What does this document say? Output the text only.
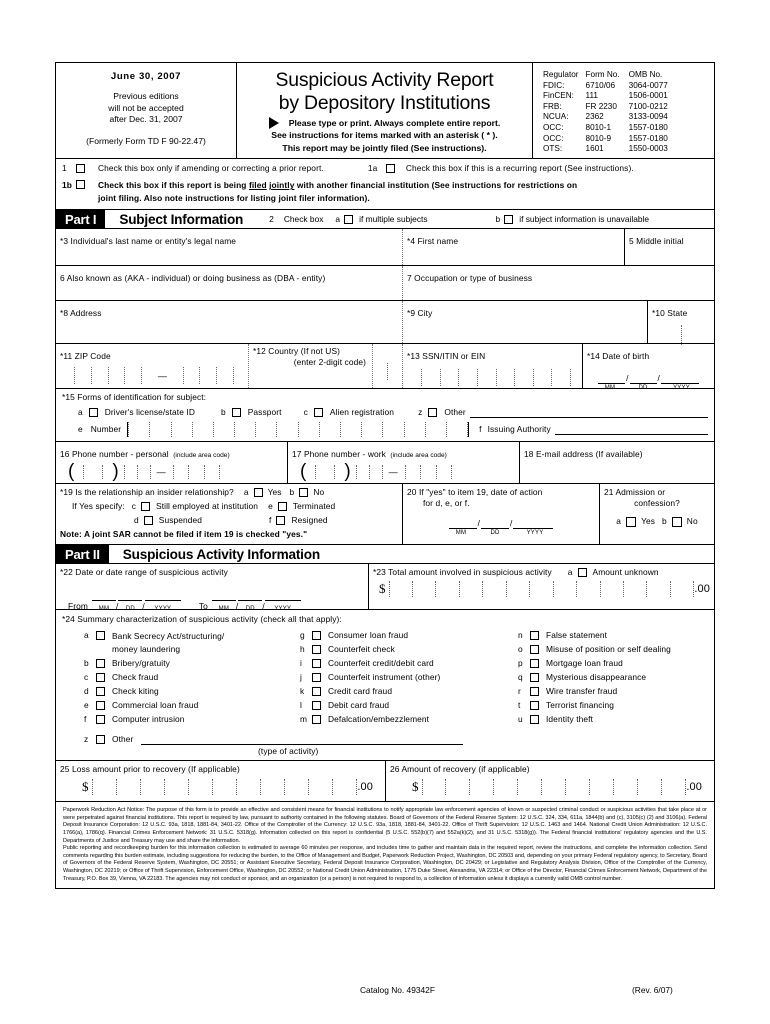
June 30, 2007
Previous editions
will not be accepted
after Dec. 31, 2007
(Formerly Form TD F 90-22.47)
Suspicious Activity Report
by Depository Institutions
Please type or print. Always complete entire report.
See instructions for items marked with an asterisk ( * ).
This report may be jointly filed (See instructions).
Regulator	Form No.	OMB No.
FDIC:	6710/06	3064-0077
FinCEN:	111	1506-0001
FRB:	FR 2230	7100-0212
NCUA:	2362	3133-0094
OCC:	8010-1	1557-0180
OCC:	8010-9	1557-0180
OTS:	1601	1550-0003
1	Check this box only if amending or correcting a prior report.	1a	Check this box if this is a recurring report (See instructions).
1b	Check this box if this report is being filed jointly with another financial institution (See instructions for restrictions on
joint filing. Also note instructions for listing joint filer information).
Part I	Subject Information	2 Check box a if multiple subjects	b if subject information is unavailable
*3 Individual's last name or entity's legal name	*4 First name	5 Middle initial
6 Also known as (AKA - individual) or doing business as (DBA - entity)	7 Occupation or type of business
*8 Address	*9 City	*10 State
*11 ZIP Code
—
*12 Country (If not US)
(enter 2-digit code)
*13 SSN/ITIN or EIN	*14 Date of birth
/	/
MM	DD	YYYY
*15 Forms of identification for subject:
a	Driver's license/state ID	b	Passport	c	Alien registration	z	Other
e Number	f Issuing Authority
16 Phone number - personal (include area code)
( )	—
17 Phone number - work (include area code)
( )	—
18 E-mail address (If available)
*19 Is the relationship an insider relationship? a Yes b No
If Yes specify: c Still employed at institution e Terminated
d Suspended	f Resigned
Note: A joint SAR cannot be filed if item 19 is checked "yes."
20 If "yes" to item 19, date of action
for d, e, or f.
/	/
MM	DD	YYYY
21 Admission or
confession?
a Yes b No
Part II	Suspicious Activity Information
*22 Date or date range of suspicious activity
From	MM /	DD /	YYYY	To	MM /	DD /	YYYY
*23 Total amount involved in suspicious activity a Amount unknown
$	.00
*24 Summary characterization of suspicious activity (check all that apply):
a	Bank Secrecy Act/structuring/
money laundering
b	Bribery/gratuity
c	Check fraud
d	Check kiting
e	Commercial loan fraud
f	Computer intrusion
g	Consumer loan fraud
h	Counterfeit check
i	Counterfeit credit/debit card
j	Counterfeit instrument (other)
k	Credit card fraud
l	Debit card fraud
m	Defalcation/embezzlement
n	False statement
o	Misuse of position or self dealing
p	Mortgage loan fraud
q	Mysterious disappearance
r	Wire transfer fraud
t	Terrorist financing
u	Identity theft
z	Other
(type of activity)
25 Loss amount prior to recovery (If applicable)
$	.00
26 Amount of recovery (if applicable)
$	.00
Paperwork Reduction Act Notice: The purpose of this form is to provide an effective and consistent means for financial institutions to notify appropriate law enforcement agencies of known or suspected criminal conduct or suspicious activities that take place at or were perpetrated against financial institutions. This report is required by law, pursuant to authority contained in the following statutes. Board of Governors of the Federal Reserve System: 12 U.S.C. 324, 334, 611a, 1844(b) and (c), 3105(c) (2) and 3106(a). Federal Deposit Insurance Corporation: 12 U.S.C. 93a, 1818, 1881-84, 3401-22. Office of the Comptroller of the Currency: 12 U.S.C. 93a, 1818, 1881-84, 3401-22. Office of Thrift Supervision: 12 U.S.C. 1463 and 1464. National Credit Union Administration: 12 U.S.C. 1766(a), 1786(q). Financial Crimes Enforcement Network: 31 U.S.C. 5318(g). Information collected on this report is confidential (5 U.S.C. 552(b)(7) and 552a(k)(2), and 31 U.S.C. 5318(g)). The Federal financial institutions' regulatory agencies and the U.S. Departments of Justice and Treasury may use and share the information.
Public reporting and recordkeeping burden for this information collection is estimated to average 60 minutes per response, and includes time to gather and maintain data in the required report, review the instructions, and complete the information collection. Send comments regarding this burden estimate, including suggestions for reducing the burden, to the Office of Management and Budget, Paperwork Reduction Project, Washington, DC 20503 and, depending on your primary Federal regulatory agency, to Secretary, Board of Governors of the Federal Reserve System, Washington, DC 20551; or Assistant Executive Secretary, Federal Deposit Insurance Corporation, Washington, DC 20429; or Legislative and Regulatory Analysis Division, Office of the Comptroller of the Currency, Washington, DC 20219; or Office of Thrift Supervision, Enforcement Office, Washington, DC 20552; or National Credit Union Administration, 1775 Duke Street, Alexandria, VA 22314; or Office of the Director, Financial Crimes Enforcement Network, Department of the Treasury, P.O. Box 39, Vienna, VA 22183. The agencies may not conduct or sponsor, and an organization (or a person) is not required to respond to, a collection of information unless it displays a currently valid OMB control number.
Catalog No. 49342F	(Rev. 6/07)
